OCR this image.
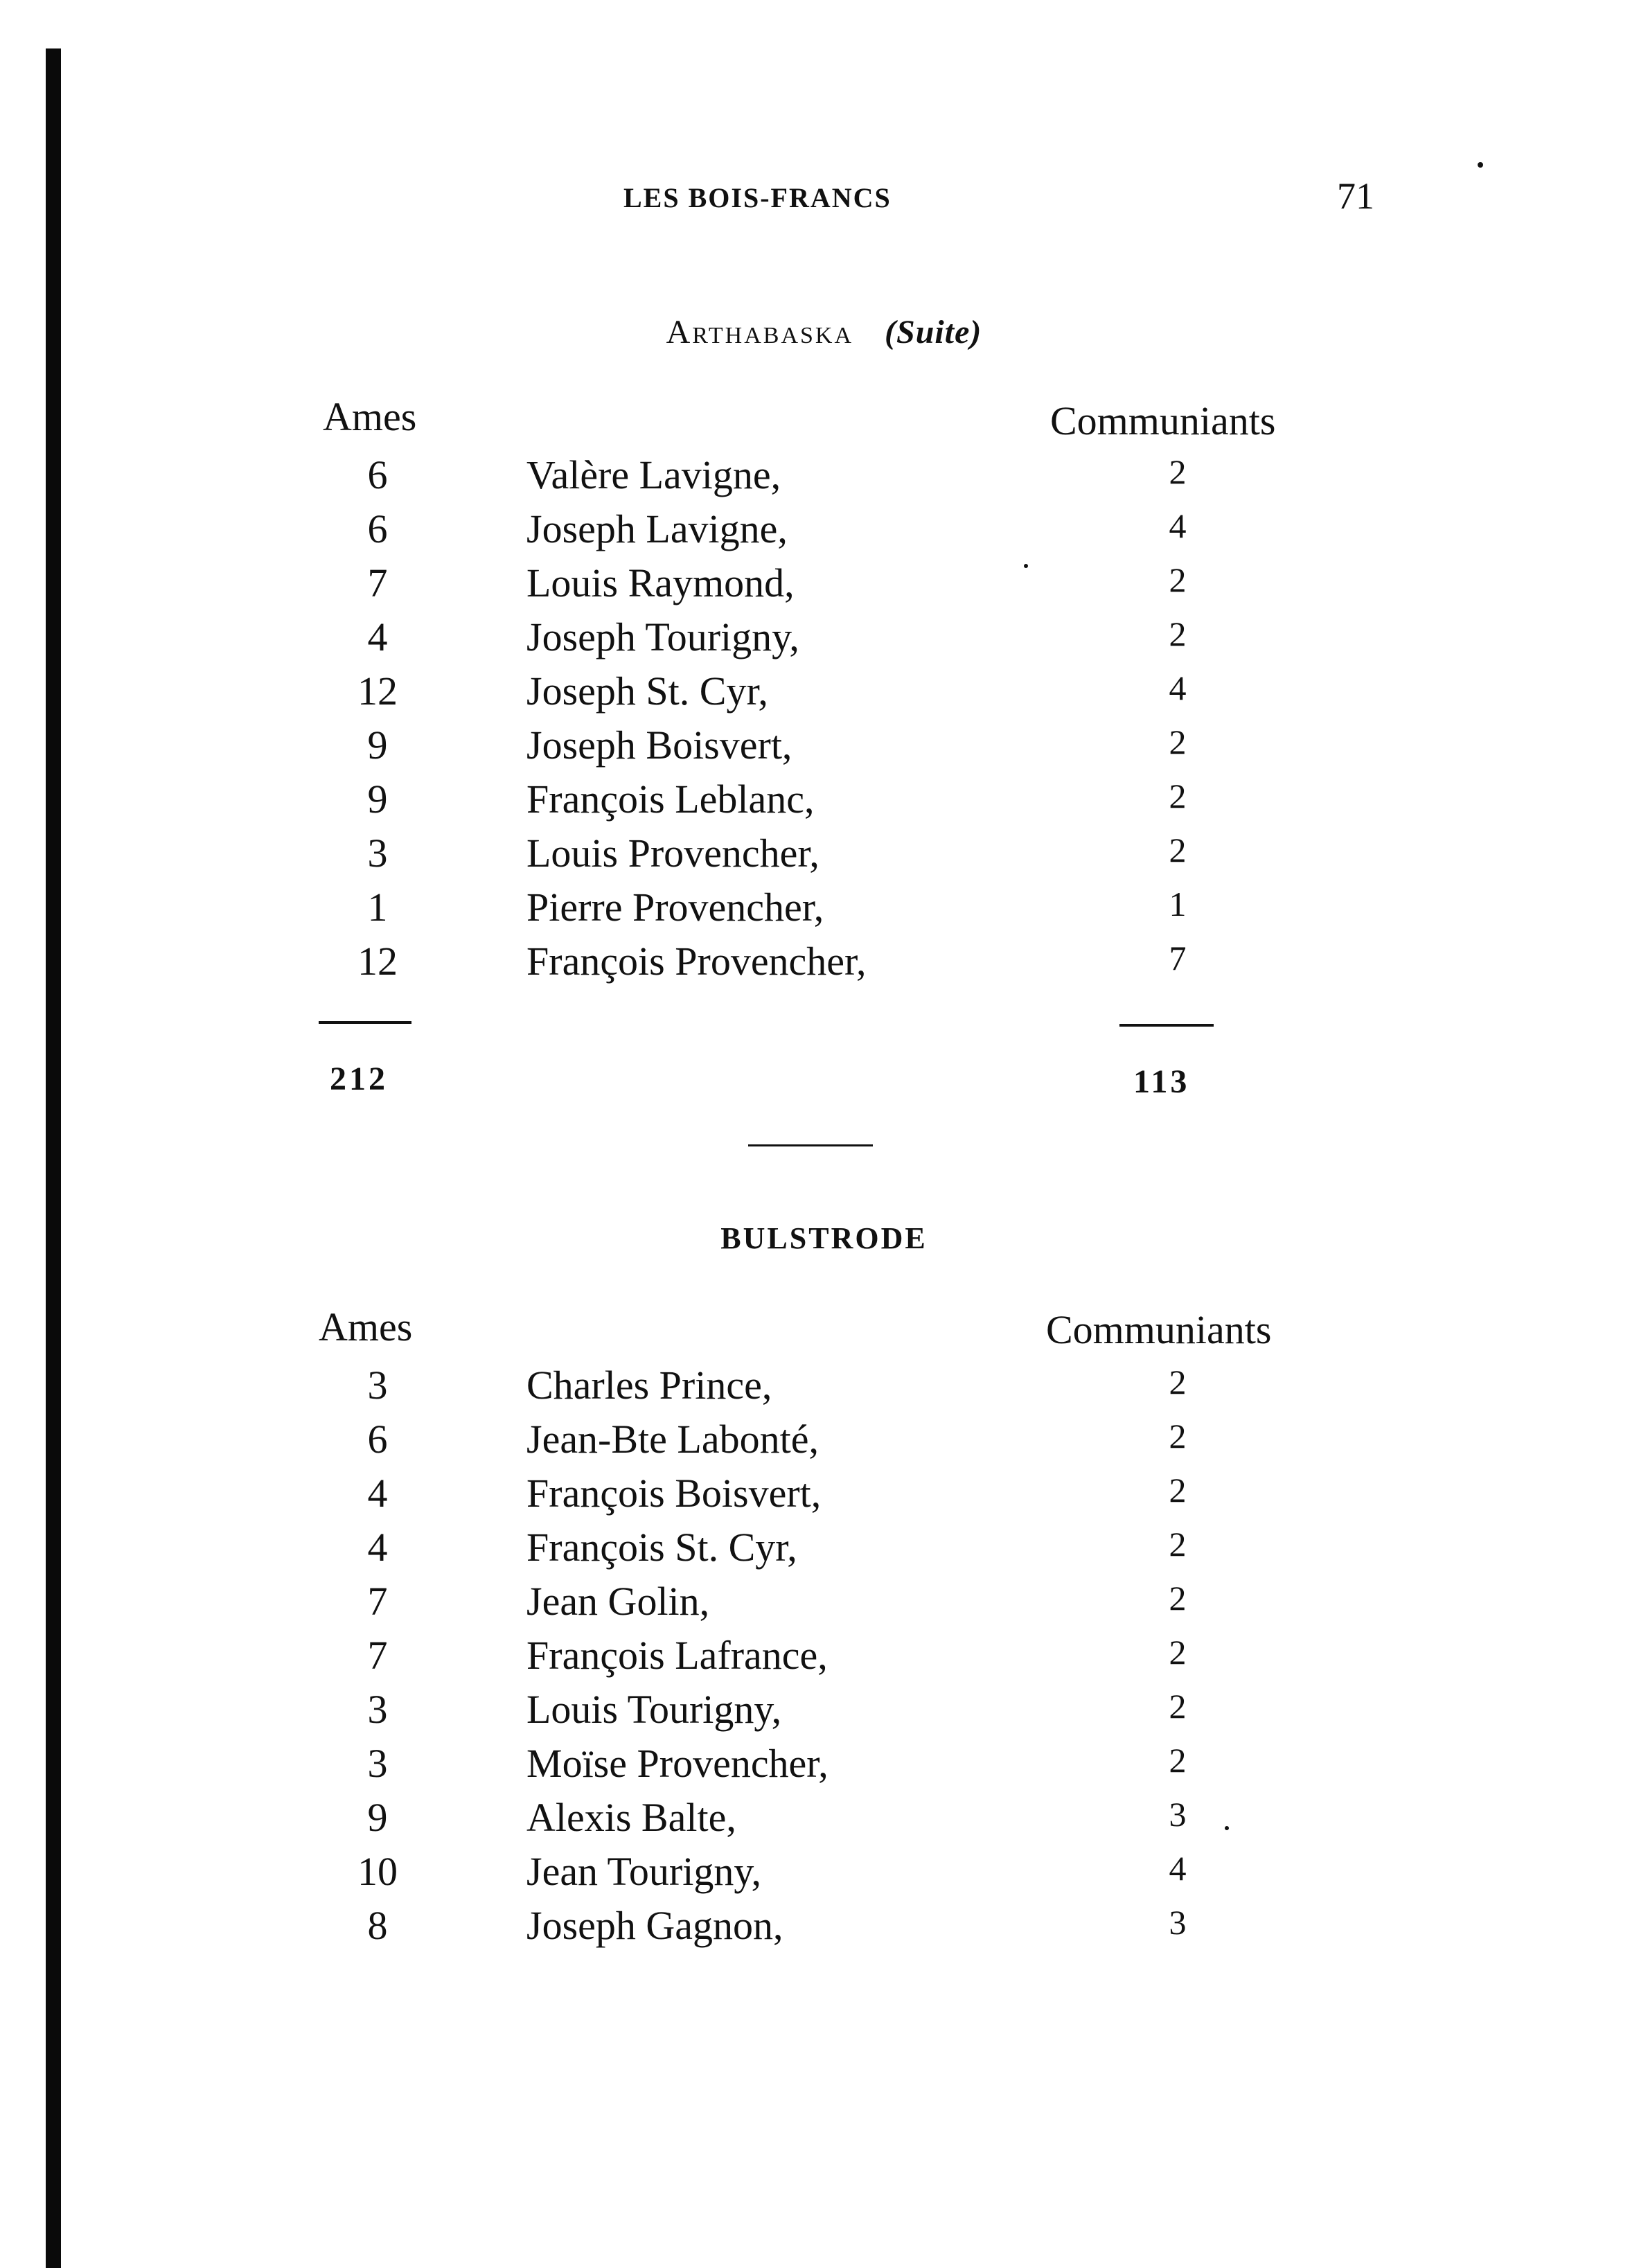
LES BOIS-FRANCS	71
Arthabaska (Suite)
Ames	Communiants
6	Valère Lavigne,	2
6	Joseph Lavigne,	4
7	Louis Raymond,	2
4	Joseph Tourigny,	2
12	Joseph St. Cyr,	4
9	Joseph Boisvert,	2
9	François Leblanc,	2
3	Louis Provencher,	2
1	Pierre Provencher,	1
12	François Provencher,	7
212	113
BULSTRODE
Ames	Communiants
3	Charles Prince,	2
6	Jean-Bte Labonté,	2
4	François Boisvert,	2
4	François St. Cyr,	2
7	Jean Golin,	2
7	François Lafrance,	2
3	Louis Tourigny,	2
3	Moïse Provencher,	2
9	Alexis Balte,	3
10	Jean Tourigny,	4
8	Joseph Gagnon,	3
